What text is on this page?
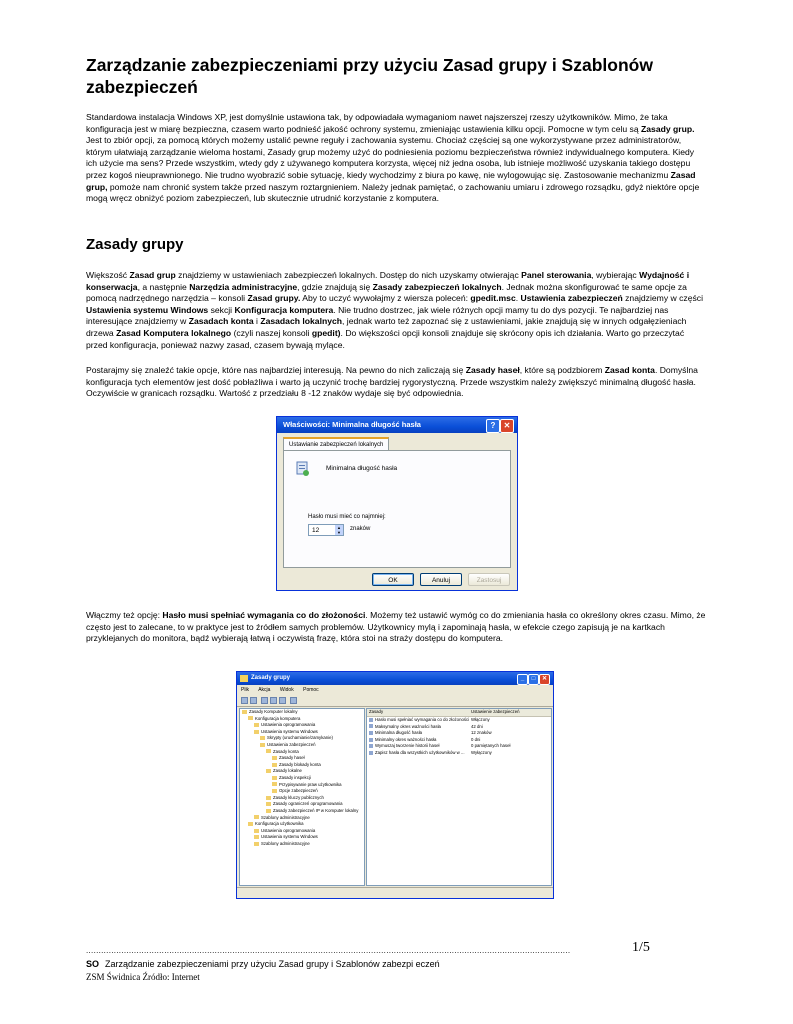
Zarządzanie zabezpieczeniami przy użyciu Zasad grupy i Szablonów zabezpieczeń

Standardowa instalacja Windows XP, jest domyślnie ustawiona tak, by odpowiadała wymaganiom nawet najszerszej rzeszy użytkowników. Mimo, że taka konfiguracja jest w miarę bezpieczna, czasem warto podnieść jakość ochrony systemu, zmieniając ustawienia kilku opcji. Pomocne w tym celu są Zasady grup. Jest to zbiór opcji, za pomocą których możemy ustalić pewne reguły i zachowania systemu. Chociaż częściej są one wykorzystywane przez administratorów, którym ułatwiają zarządzanie wieloma hostami, Zasady grup możemy użyć do podniesienia poziomu bezpieczeństwa również indywidualnego komputera. Kiedy ich użycie ma sens? Przede wszystkim, wtedy gdy z używanego komputera korzysta, więcej niż jedna osoba, lub istnieje możliwość uzyskania takiego dostępu przez kogoś nieuprawnionego. Nie trudno wyobrazić sobie sytuację, kiedy wychodzimy z biura po kawę, nie wylogowując się. Zastosowanie mechanizmu Zasad grup, pomoże nam chronić system także przed naszym roztargnieniem. Należy jednak pamiętać, o zachowaniu umiaru i zdrowego rozsądku, gdyż niektóre opcje mogą wręcz obniżyć poziom zabezpieczeń, lub skutecznie utrudnić korzystanie z komputera.

Zasady grupy

Większość Zasad grup znajdziemy w ustawieniach zabezpieczeń lokalnych. Dostęp do nich uzyskamy otwierając Panel sterowania, wybierając Wydajność i konserwacja, a następnie Narzędzia administracyjne, gdzie znajdują się Zasady zabezpieczeń lokalnych. Jednak można skonfigurować te same opcje za pomocą nadrzędnego narzędzia – konsoli Zasad grupy. Aby to uczyć wywołajmy z wiersza poleceń: gpedit.msc. Ustawienia zabezpieczeń znajdziemy w części Ustawienia systemu Windows sekcji Konfiguracja komputera. Nie trudno dostrzec, jak wiele różnych opcji mamy tu do dys pozycji. Te najbardziej nas interesujące znajdziemy w Zasadach konta i Zasadach lokalnych, jednak warto też zapoznać się z ustawieniami, jakie znajdują się w innych odgałęzieniach drzewa Zasad Komputera lokalnego (czyli naszej konsoli gpedit). Do większości opcji konsoli znajduje się skrócony opis ich działania. Warto go przeczytać przed konfiguracja, ponieważ nazwy zasad, czasem bywają mylące.

Postarajmy się znaleźć takie opcje, które nas najbardziej interesują. Na pewno do nich zaliczają się Zasady haseł, które są podzbiorem Zasad konta. Domyślna konfiguracja tych elementów jest dość pobłażliwa i warto ją uczynić trochę bardziej rygorystyczną. Przede wszystkim należy zwiększyć minimalną długość hasła. Oczywiście w granicach rozsądku. Wartość z przedziału 8 -12 znaków wydaje się być odpowiednia.

Właściwości: Minimalna długość hasła	?	✕
Ustawianie zabezpieczeń lokalnych
Minimalna długość hasła
Hasło musi mieć co najmniej:
12	▲
▼
znaków
OK	Anuluj	Zastosuj

Włączmy też opcję: Hasło musi spełniać wymagania co do złożoności. Możemy też ustawić wymóg co do zmieniania hasła co określony okres czasu. Mimo, że często jest to zalecane, to w praktyce jest to źródłem samych problemów. Użytkownicy mylą i zapominają hasła, w efekcie czego zapisują je na kartkach przyklejanych do monitora, bądź wybierają łatwą i oczywistą frazę, która stoi na straży dostępu do komputera.

Zasady grupy	_	□	✕
Plik Akcja Widok Pomoc
Zasady Komputer lokalny
Konfiguracja komputera
Ustawienia oprogramowania
Ustawienia systemu Windows
Skrypty (uruchamianie/zamykanie)
Ustawienia zabezpieczeń
Zasady konta
Zasady haseł
Zasady blokady konta
Zasady lokalne
Zasady inspekcji
Przypisywanie praw użytkownika
Opcje zabezpieczeń
Zasady kluczy publicznych
Zasady ograniczeń oprogramowania
Zasady zabezpieczeń IP w Komputer lokalny
Szablony administracyjne
Konfiguracja użytkownika
Ustawienia oprogramowania
Ustawienia systemu Windows
Szablony administracyjne
Zasady	Ustawienie zabezpieczeń
Hasło musi spełniać wymagania co do złożoności Włączony
Maksymalny okres ważności hasła	42 dni
Minimalna długość hasła	12 znaków
Minimalny okres ważności hasła	0 dni
Wymuszaj tworzenie historii haseł	0 pamiętanych haseł
Zapisz hasła dla wszystkich użytkowników w ...	Wyłączony
................................................................................................................................................................................................	1/5
SO Zarządzanie zabezpieczeniami przy użyciu Zasad grupy i Szablonów zabezpi eczeń
ZSM Świdnica Źródło: Internet
